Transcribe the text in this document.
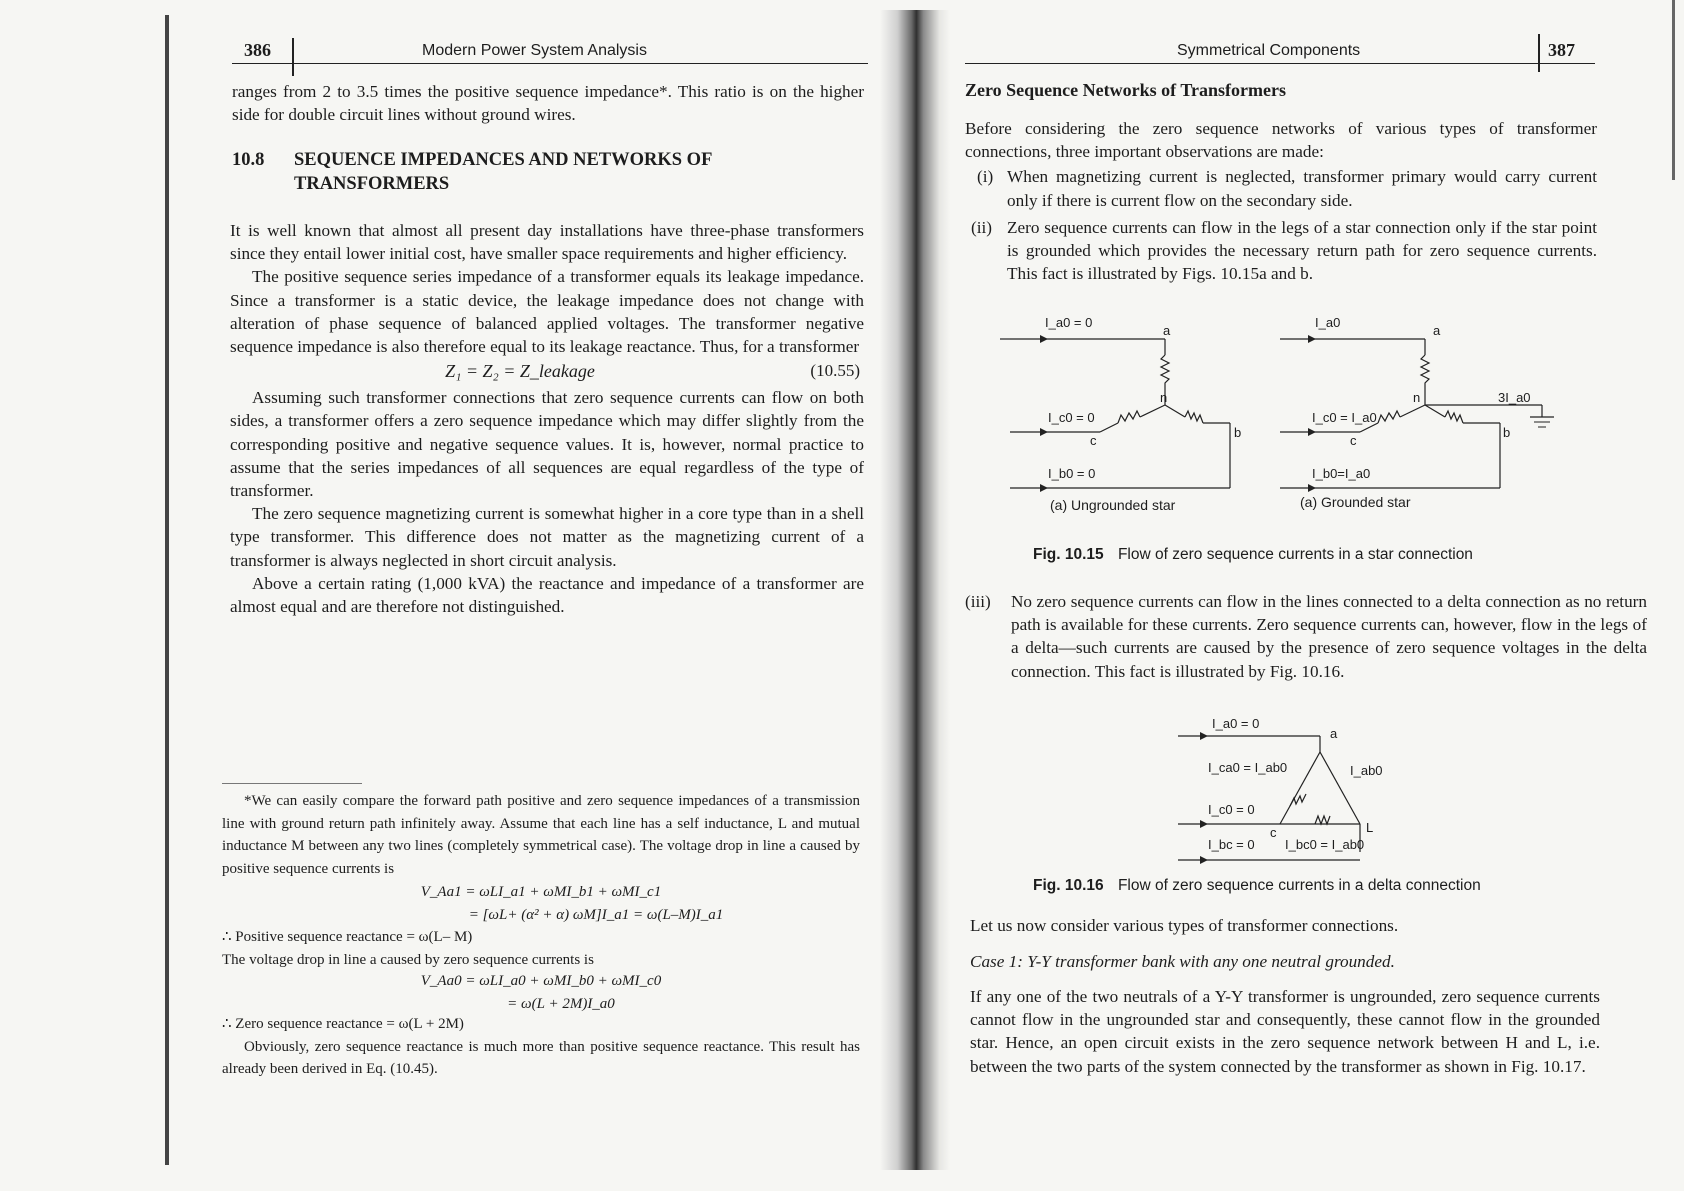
386	Modern Power System Analysis

ranges from 2 to 3.5 times the positive sequence impedance*. This ratio is on the higher side for double circuit lines without ground wires.

10.8 SEQUENCE IMPEDANCES AND NETWORKS OF

TRANSFORMERS

It is well known that almost all present day installations have three-phase transformers since they entail lower initial cost, have smaller space requirements and higher efficiency.

The positive sequence series impedance of a transformer equals its leakage impedance. Since a transformer is a static device, the leakage impedance does not change with alteration of phase sequence of balanced applied voltages. The transformer negative sequence impedance is also therefore equal to its leakage reactance. Thus, for a transformer

Z₁ = Z₂ = Z_leakage	(10.55)

Assuming such transformer connections that zero sequence currents can flow on both sides, a transformer offers a zero sequence impedance which may differ slightly from the corresponding positive and negative sequence values. It is, however, normal practice to assume that the series impedances of all sequences are equal regardless of the type of transformer.

The zero sequence magnetizing current is somewhat higher in a core type than in a shell type transformer. This difference does not matter as the magnetizing current of a transformer is always neglected in short circuit analysis.

Above a certain rating (1,000 kVA) the reactance and impedance of a transformer are almost equal and are therefore not distinguished.

*We can easily compare the forward path positive and zero sequence impedances of a transmission line with ground return path infinitely away. Assume that each line has a self inductance, L and mutual inductance M between any two lines (completely symmetrical case). The voltage drop in line a caused by positive sequence currents is

V_Aa1 = ωLI_a1 + ωMI_b1 + ωMI_c1
= [ωL+ (α² + α) ωM]I_a1 = ω(L–M)I_a1
∴ Positive sequence reactance = ω(L– M)
The voltage drop in line a caused by zero sequence currents is
V_Aa0 = ωLI_a0 + ωMI_b0 + ωMI_c0
= ω(L + 2M)I_a0
∴ Zero sequence reactance = ω(L + 2M)

Obviously, zero sequence reactance is much more than positive sequence reactance. This result has already been derived in Eq. (10.45).

Symmetrical Components	387
Zero Sequence Networks of Transformers

Before considering the zero sequence networks of various types of transformer connections, three important observations are made:

(i) When magnetizing current is neglected, transformer primary would carry current only if there is current flow on the secondary side.
(ii) Zero sequence currents can flow in the legs of a star connection only if the star point is grounded which provides the necessary return path for zero sequence currents. This fact is illustrated by Figs. 10.15a and b.
I_a0 = 0
a
n
I_c0 = 0
c
b
I_b0 = 0
(a) Ungrounded star
I_a0
a
n	3I_a0
I_c0 = I_a0
c
b
I_b0=I_a0
(a) Grounded star
Fig. 10.15 Flow of zero sequence currents in a star connection
(iii) No zero sequence currents can flow in the lines connected to a delta connection as no return path is available for these currents. Zero sequence currents can, however, flow in the legs of a delta—such currents are caused by the presence of zero sequence voltages in the delta connection. This fact is illustrated by Fig. 10.16.
I_a0 = 0
a
I_ca0 = I_ab0	I_ab0
I_c0 = 0
c	L
I_bc = 0 I_bc0 = I_ab0
Fig. 10.16 Flow of zero sequence currents in a delta connection
Let us now consider various types of transformer connections.
Case 1: Y-Y transformer bank with any one neutral grounded.

If any one of the two neutrals of a Y-Y transformer is ungrounded, zero sequence currents cannot flow in the ungrounded star and consequently, these cannot flow in the grounded star. Hence, an open circuit exists in the zero sequence network between H and L, i.e. between the two parts of the system connected by the transformer as shown in Fig. 10.17.
